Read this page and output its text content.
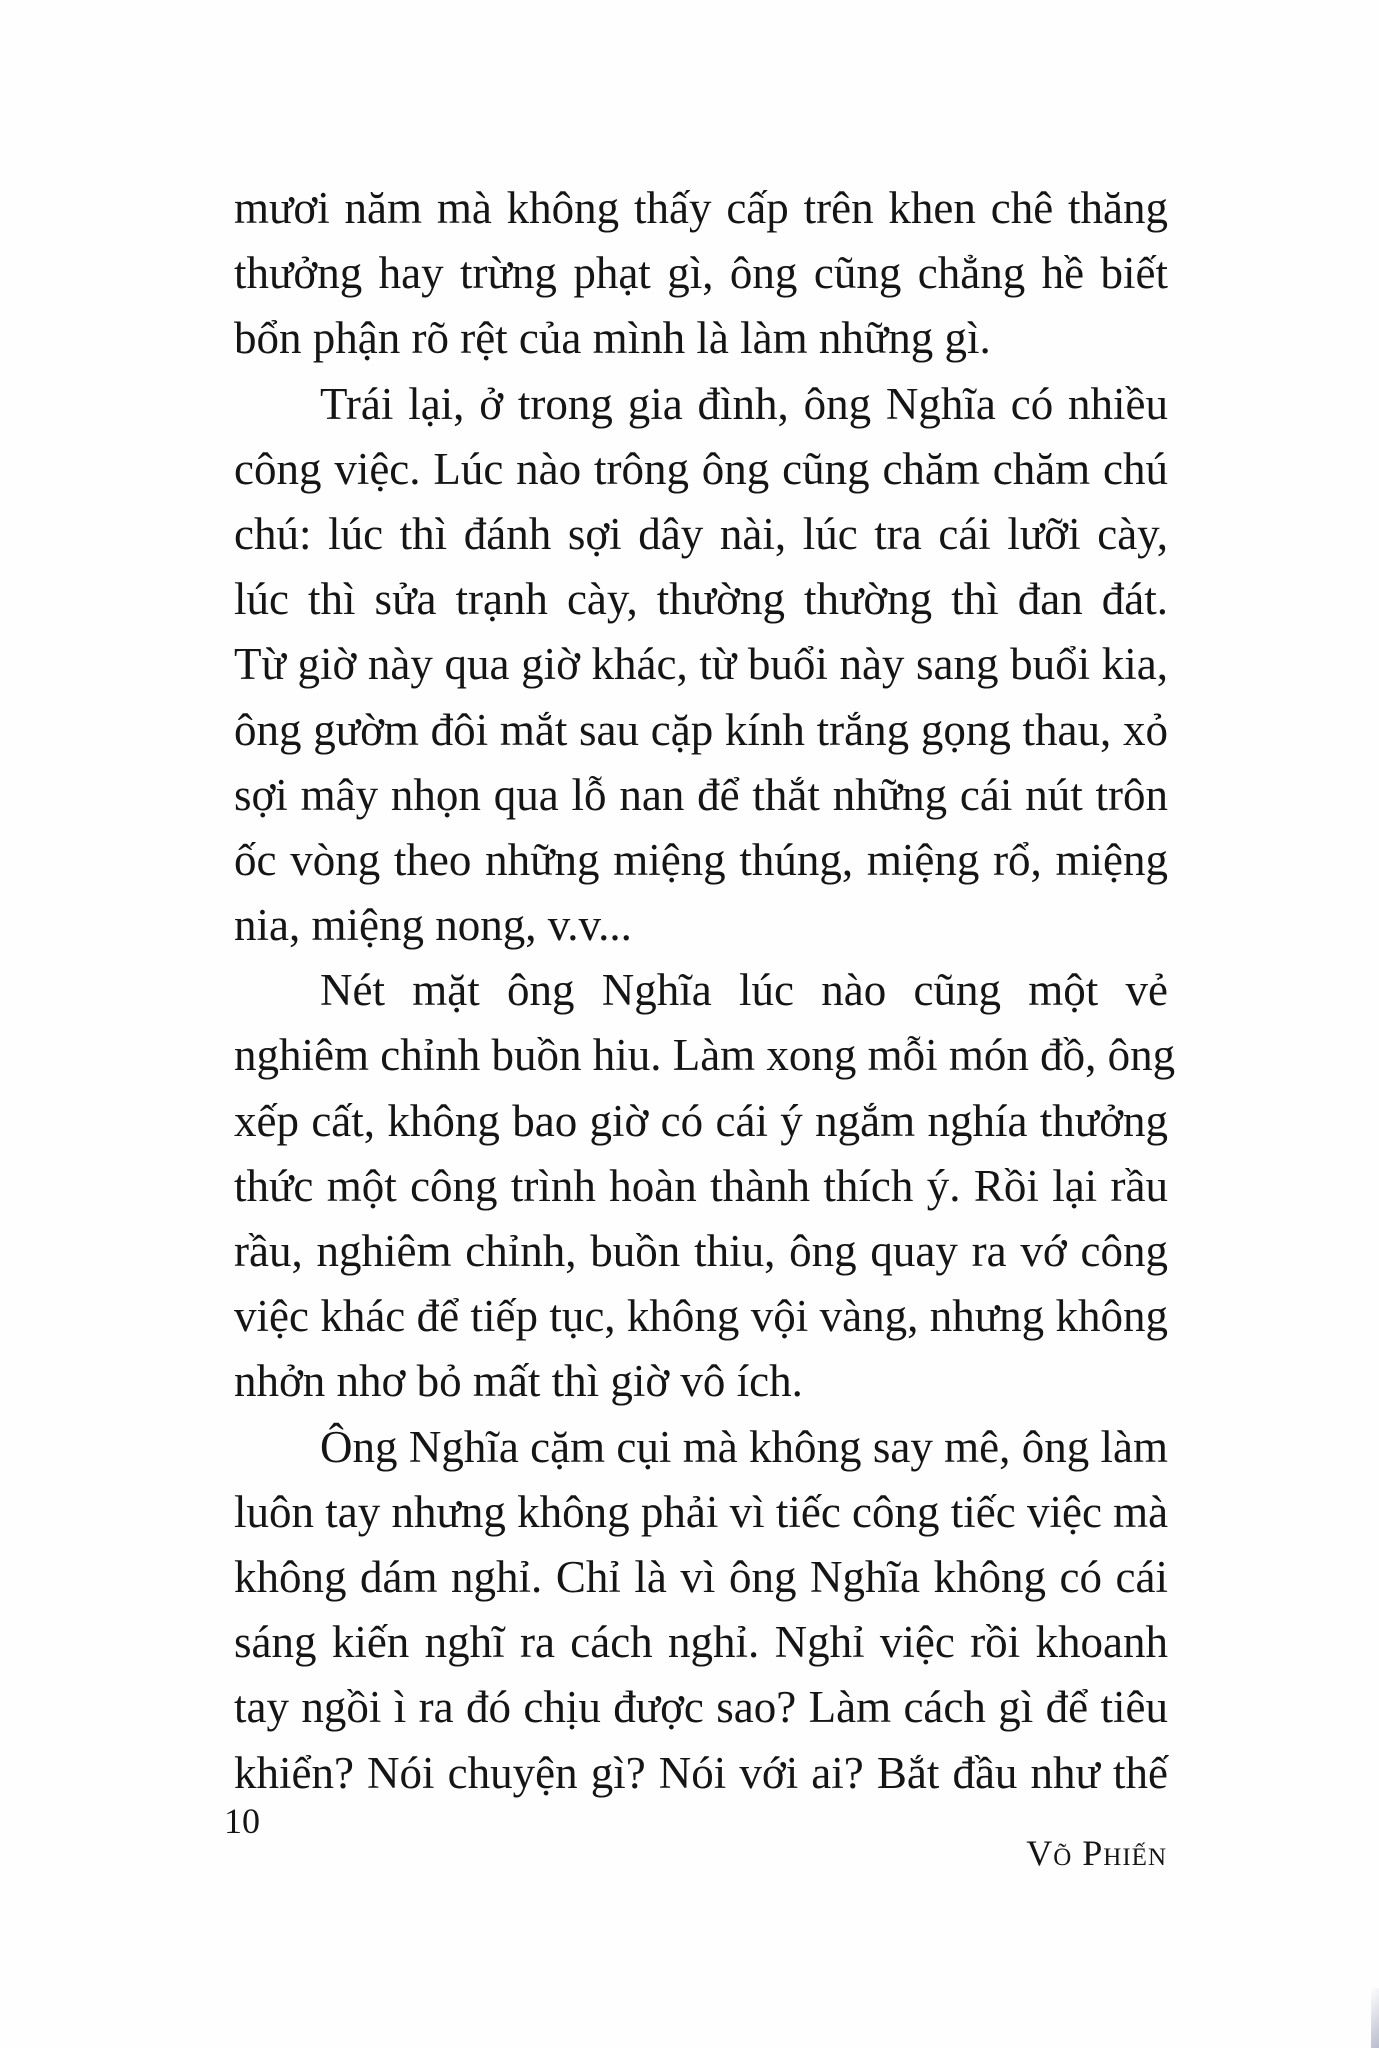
mươi năm mà không thấy cấp trên khen chê thăng
thưởng hay trừng phạt gì, ông cũng chẳng hề biết
bổn phận rõ rệt của mình là làm những gì.
Trái lại, ở trong gia đình, ông Nghĩa có nhiều
công việc. Lúc nào trông ông cũng chăm chăm chú
chú: lúc thì đánh sợi dây nài, lúc tra cái lưỡi cày,
lúc thì sửa trạnh cày, thường thường thì đan đát.
Từ giờ này qua giờ khác, từ buổi này sang buổi kia,
ông gườm đôi mắt sau cặp kính trắng gọng thau, xỏ
sợi mây nhọn qua lỗ nan để thắt những cái nút trôn
ốc vòng theo những miệng thúng, miệng rổ, miệng
nia, miệng nong, v.v...
Nét mặt ông Nghĩa lúc nào cũng một vẻ
nghiêm chỉnh buồn hiu. Làm xong mỗi món đồ, ông
xếp cất, không bao giờ có cái ý ngắm nghía thưởng
thức một công trình hoàn thành thích ý. Rồi lại rầu
rầu, nghiêm chỉnh, buồn thiu, ông quay ra vớ công
việc khác để tiếp tục, không vội vàng, nhưng không
nhởn nhơ bỏ mất thì giờ vô ích.
Ông Nghĩa cặm cụi mà không say mê, ông làm
luôn tay nhưng không phải vì tiếc công tiếc việc mà
không dám nghỉ. Chỉ là vì ông Nghĩa không có cái
sáng kiến nghĩ ra cách nghỉ. Nghỉ việc rồi khoanh
tay ngồi ì ra đó chịu được sao? Làm cách gì để tiêu
khiển? Nói chuyện gì? Nói với ai? Bắt đầu như thế
10
Võ Phiến
